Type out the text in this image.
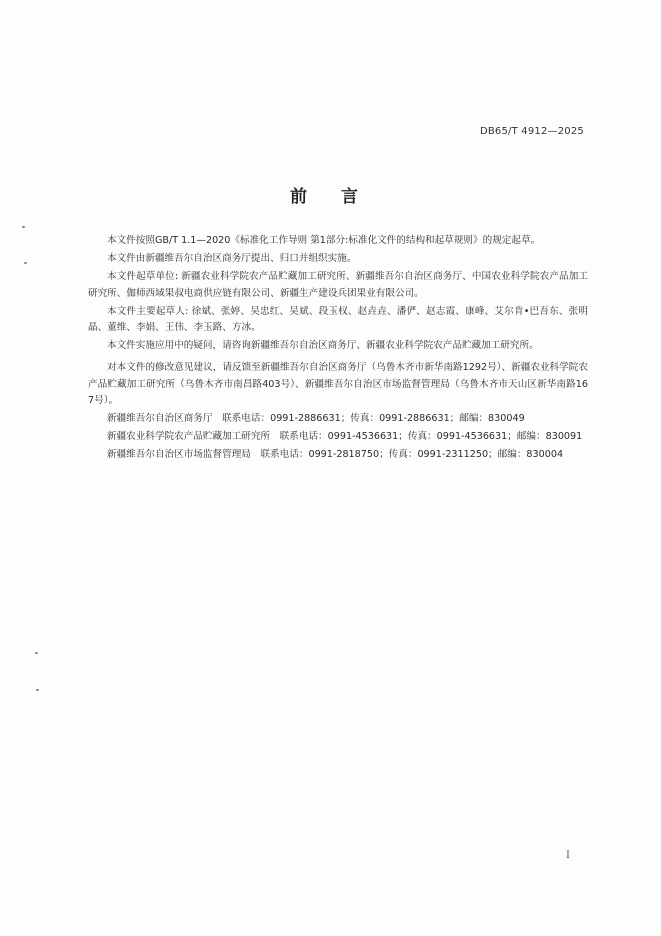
DB65/T 4912—2025
前 言

本文件按照GB/T 1.1—2020《标准化工作导则 第1部分:标准化文件的结构和起草规则》的规定起草。

本文件由新疆维吾尔自治区商务厅提出、归口并组织实施。

本文件起草单位: 新疆农业科学院农产品贮藏加工研究所、新疆维吾尔自治区商务厅、中国农业科学院农产品加工研究所、伽师西域果叔电商供应链有限公司、新疆生产建设兵团果业有限公司。

本文件主要起草人: 徐斌、张婷、吴忠红、吴斌、段玉权、赵垚垚、潘俨、赵志霞、康峰、艾尔肯•巴吾东、张明晶、董维、李娟、王伟、李玉路、方冰。

本文件实施应用中的疑问，请咨询新疆维吾尔自治区商务厅、新疆农业科学院农产品贮藏加工研究所。

对本文件的修改意见建议，请反馈至新疆维吾尔自治区商务厅（乌鲁木齐市新华南路1292号）、新疆农业科学院农产品贮藏加工研究所（乌鲁木齐市南昌路403号）、新疆维吾尔自治区市场监督管理局（乌鲁木齐市天山区新华南路167号）。

新疆维吾尔自治区商务厅　联系电话：0991-2886631；传真：0991-2886631；邮编：830049

新疆农业科学院农产品贮藏加工研究所　联系电话：0991-4536631；传真：0991-4536631；邮编：830091

新疆维吾尔自治区市场监督管理局　联系电话：0991-2818750；传真：0991-2311250；邮编：830004

I
